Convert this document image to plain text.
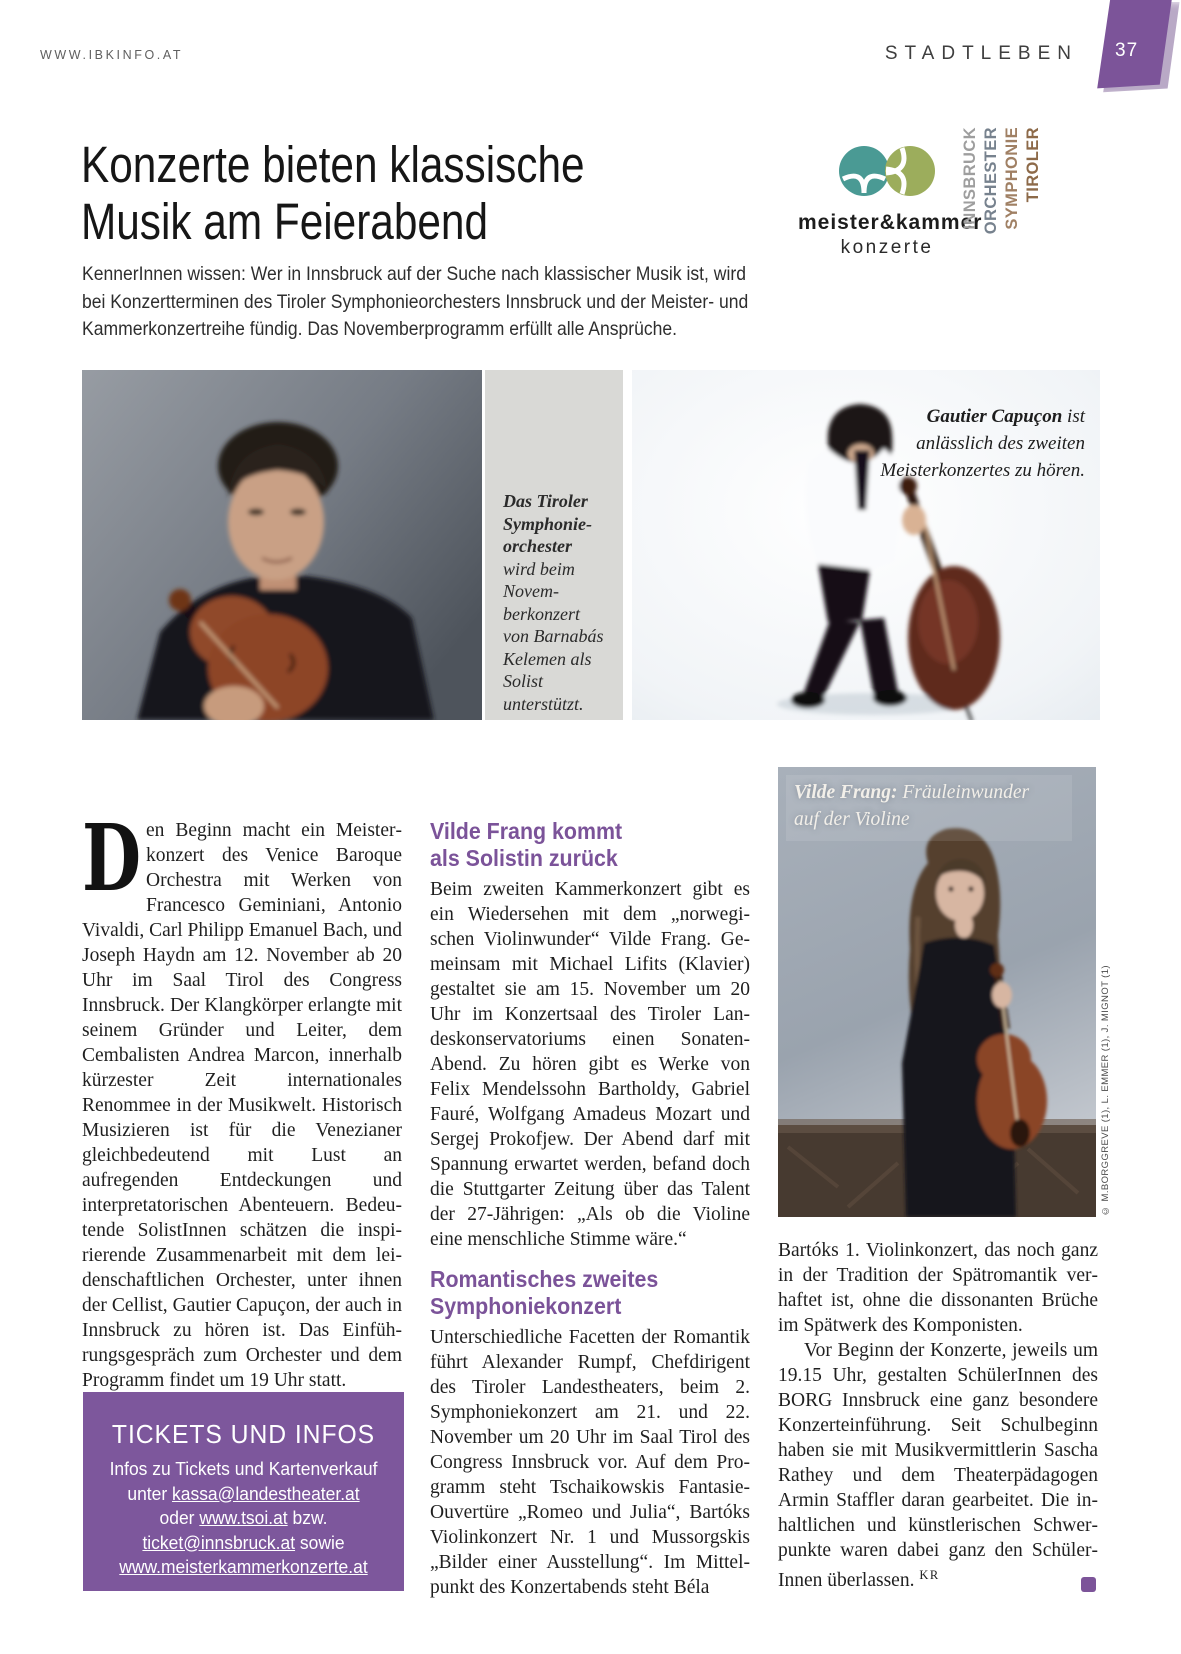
WWW.IBKINFO.AT	STADTLEBEN 37
Konzerte bieten klassische
Musik am Feierabend

KennerInnen wissen: Wer in Innsbruck auf der Suche nach klassischer Musik ist, wird bei Konzertterminen des Tiroler Symphonieorchesters Innsbruck und der Meister- und Kammerkonzertreihe fündig. Das Novemberprogramm erfüllt alle Ansprüche.

meister&kammer
konzerte
INNSBRUCK ORCHESTER SYMPHONIE TIROLER
Das Tiroler Symphonieorchester wird beim Novemberkonzert von Barnabás Kelemen als Solist unterstützt.
Gautier Capuçon ist anlässlich des zweiten Meisterkonzertes zu hören.
Vilde Frang: Fräuleinwunder auf der Violine
© M.BORGGREVE (1), L. EMMER (1), J. MIGNOT (1)

Den Beginn macht ein Meisterkonzert des Venice Baroque Orchestra mit Werken von Francesco Geminiani, Antonio Vivaldi, Carl Philipp Emanuel Bach, und Joseph Haydn am 12. November ab 20 Uhr im Saal Tirol des Congress Innsbruck. Der Klangkörper erlangte mit seinem Gründer und Leiter, dem Cembalisten Andrea Marcon, innerhalb kürzester Zeit internationales Renommee in der Musikwelt. Historisch Musizieren ist für die Venezianer gleichbedeutend mit Lust an aufregenden Entdeckungen und interpretatorischen Abenteuern. Bedeutende SolistInnen schätzen die inspirierende Zusammenarbeit mit dem leidenschaftlichen Orchester, unter ihnen der Cellist, Gautier Capuçon, der auch in Innsbruck zu hören ist. Das Einführungsgespräch zum Orchester und dem Programm findet um 19 Uhr statt.

Vilde Frang kommt
als Solistin zurück

Beim zweiten Kammerkonzert gibt es ein Wiedersehen mit dem „norwegischen Violinwunder“ Vilde Frang. Gemeinsam mit Michael Lifits (Klavier) gestaltet sie am 15. November um 20 Uhr im Konzertsaal des Tiroler Landeskonservatoriums einen Sonaten-Abend. Zu hören gibt es Werke von Felix Mendelssohn Bartholdy, Gabriel Fauré, Wolfgang Amadeus Mozart und Sergej Prokofjew. Der Abend darf mit Spannung erwartet werden, befand doch die Stuttgarter Zeitung über das Talent der 27-Jährigen: „Als ob die Violine eine menschliche Stimme wäre.“

Romantisches zweites
Symphoniekonzert

Unterschiedliche Facetten der Romantik führt Alexander Rumpf, Chefdirigent des Tiroler Landestheaters, beim 2. Symphoniekonzert am 21. und 22. November um 20 Uhr im Saal Tirol des Congress Innsbruck vor. Auf dem Programm steht Tschaikowskis Fantasie-Ouvertüre „Romeo und Julia“, Bartóks Violinkonzert Nr. 1 und Mussorgskis „Bilder einer Ausstellung“. Im Mittelpunkt des Konzertabends steht Béla

Bartóks 1. Violinkonzert, das noch ganz in der Tradition der Spätromantik verhaftet ist, ohne die dissonanten Brüche im Spätwerk des Komponisten.

Vor Beginn der Konzerte, jeweils um 19.15 Uhr, gestalten SchülerInnen des BORG Innsbruck eine ganz besondere Konzerteinführung. Seit Schulbeginn haben sie mit Musikvermittlerin Sascha Rathey und dem Theaterpädagogen Armin Staffler daran gearbeitet. Die inhaltlichen und künstlerischen Schwerpunkte waren dabei ganz den SchülerInnen überlassen. $^{KR}$

TICKETS UND INFOS
Infos zu Tickets und Kartenverkauf
unter kassa@landestheater.at
oder www.tsoi.at bzw.
ticket@innsbruck.at sowie
www.meisterkammerkonzerte.at
